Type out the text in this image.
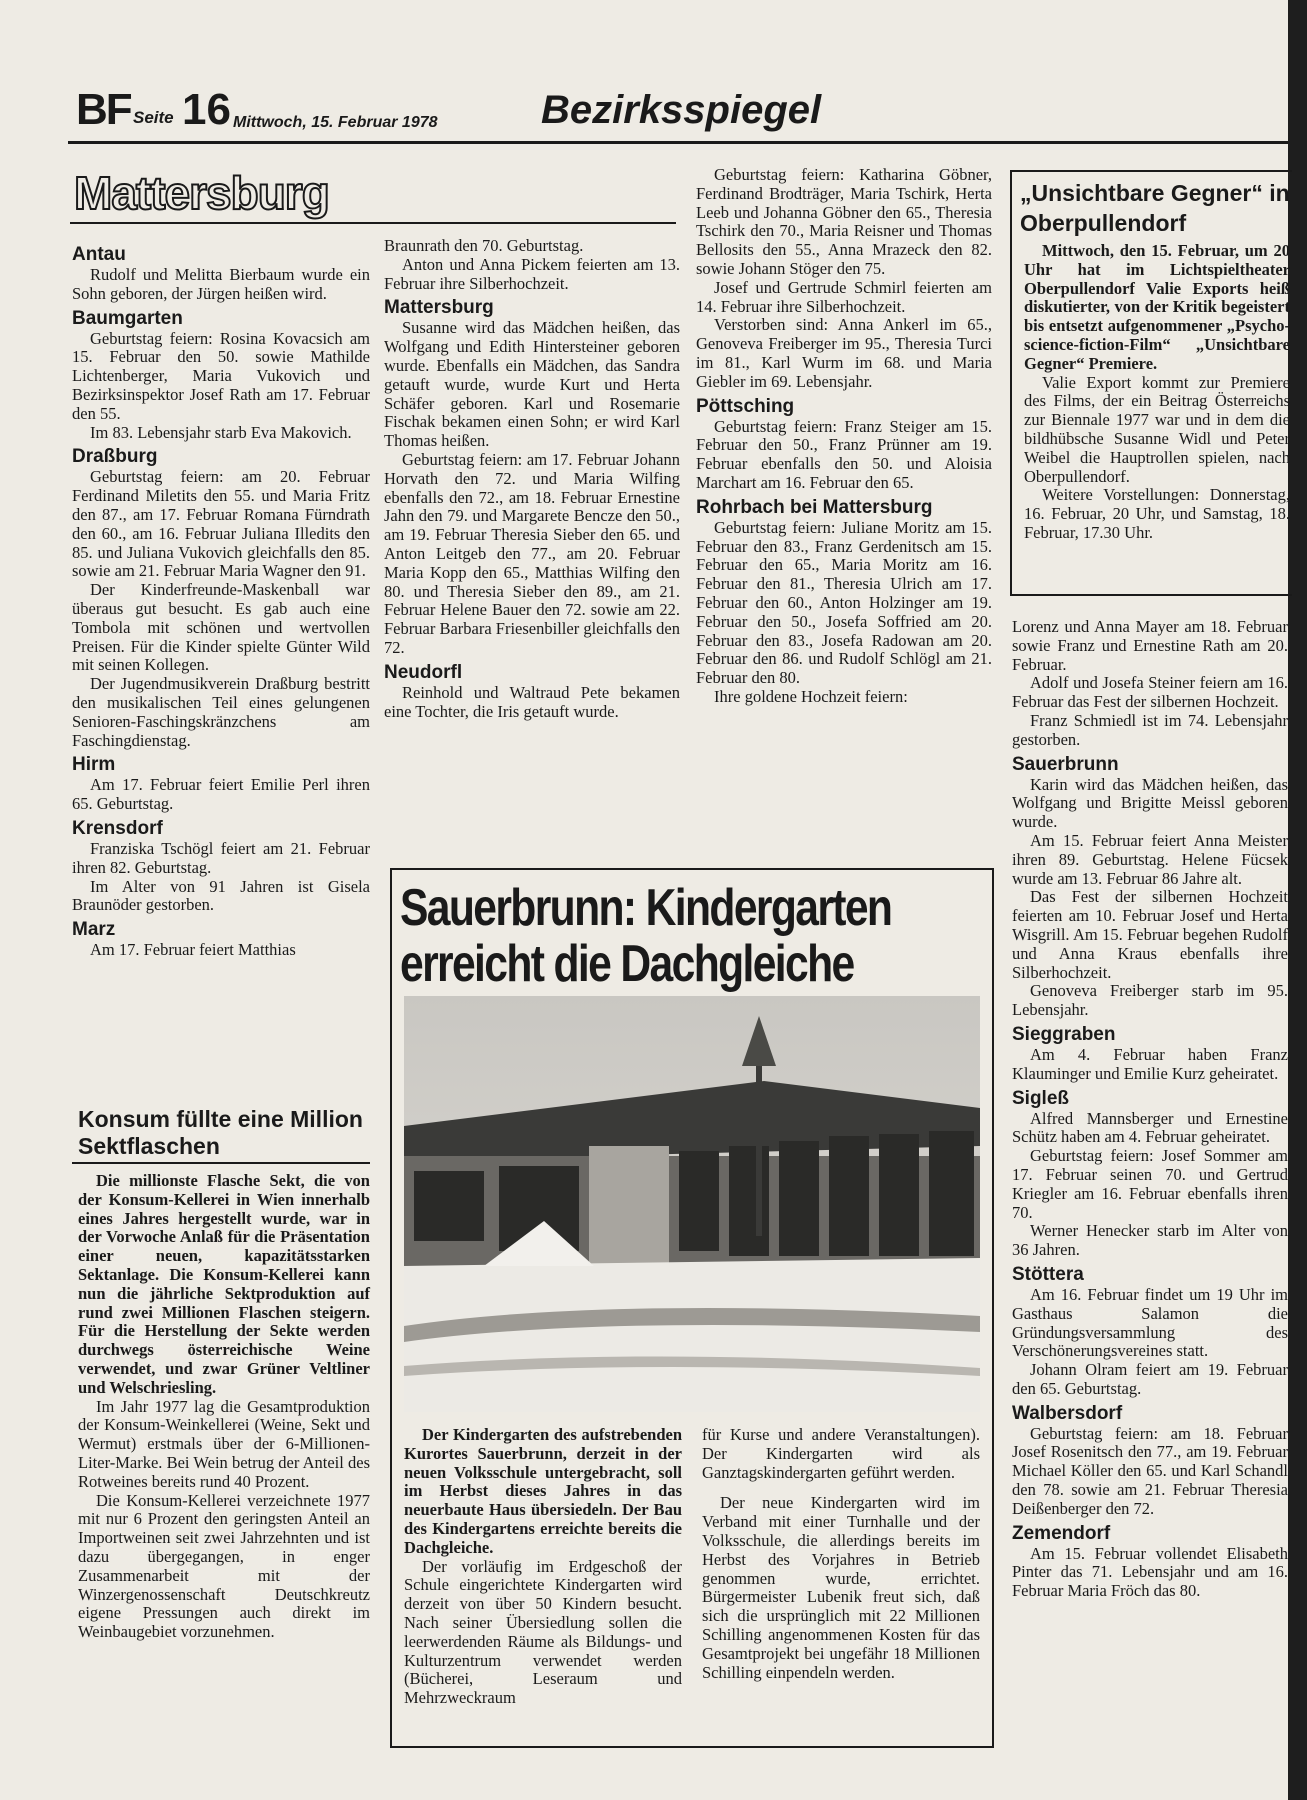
BF Seite 16 Mittwoch, 15. Februar 1978	Bezirksspiegel
Mattersburg
Antau

Rudolf und Melitta Bierbaum wurde ein Sohn geboren, der Jürgen heißen wird.

Baumgarten

Geburtstag feiern: Rosina Kovacsich am 15. Februar den 50. sowie Mathilde Lichtenberger, Maria Vukovich und Bezirksinspektor Josef Rath am 17. Februar den 55.

Im 83. Lebensjahr starb Eva Makovich.

Draßburg

Geburtstag feiern: am 20. Februar Ferdinand Miletits den 55. und Maria Fritz den 87., am 17. Februar Romana Fürndrath den 60., am 16. Februar Juliana Illedits den 85. und Juliana Vukovich gleichfalls den 85. sowie am 21. Februar Maria Wagner den 91.

Der Kinderfreunde-Maskenball war überaus gut besucht. Es gab auch eine Tombola mit schönen und wertvollen Preisen. Für die Kinder spielte Günter Wild mit seinen Kollegen.

Der Jugendmusikverein Draßburg bestritt den musikalischen Teil eines gelungenen Senioren-Faschingskränzchens am Faschingdienstag.

Hirm

Am 17. Februar feiert Emilie Perl ihren 65. Geburtstag.

Krensdorf

Franziska Tschögl feiert am 21. Februar ihren 82. Geburtstag.

Im Alter von 91 Jahren ist Gisela Braunöder gestorben.

Marz

Am 17. Februar feiert Matthias

Konsum füllte eine Million Sektflaschen

Die millionste Flasche Sekt, die von der Konsum-Kellerei in Wien innerhalb eines Jahres hergestellt wurde, war in der Vorwoche Anlaß für die Präsentation einer neuen, kapazitätsstarken Sektanlage. Die Konsum-Kellerei kann nun die jährliche Sektproduktion auf rund zwei Millionen Flaschen steigern. Für die Herstellung der Sekte werden durchwegs österreichische Weine verwendet, und zwar Grüner Veltliner und Welschriesling.

Im Jahr 1977 lag die Gesamtproduktion der Konsum-Weinkellerei (Weine, Sekt und Wermut) erstmals über der 6-Millionen-Liter-Marke. Bei Wein betrug der Anteil des Rotweines bereits rund 40 Prozent.

Die Konsum-Kellerei verzeichnete 1977 mit nur 6 Prozent den geringsten Anteil an Importweinen seit zwei Jahrzehnten und ist dazu übergegangen, in enger Zusammenarbeit mit der Winzergenossenschaft Deutschkreutz eigene Pressungen auch direkt im Weinbaugebiet vorzunehmen.

Braunrath den 70. Geburtstag.

Anton und Anna Pickem feierten am 13. Februar ihre Silberhochzeit.

Mattersburg

Susanne wird das Mädchen heißen, das Wolfgang und Edith Hintersteiner geboren wurde. Ebenfalls ein Mädchen, das Sandra getauft wurde, wurde Kurt und Herta Schäfer geboren. Karl und Rosemarie Fischak bekamen einen Sohn; er wird Karl Thomas heißen.

Geburtstag feiern: am 17. Februar Johann Horvath den 72. und Maria Wilfing ebenfalls den 72., am 18. Februar Ernestine Jahn den 79. und Margarete Bencze den 50., am 19. Februar Theresia Sieber den 65. und Anton Leitgeb den 77., am 20. Februar Maria Kopp den 65., Matthias Wilfing den 80. und Theresia Sieber den 89., am 21. Februar Helene Bauer den 72. sowie am 22. Februar Barbara Friesenbiller gleichfalls den 72.

Neudorfl

Reinhold und Waltraud Pete bekamen eine Tochter, die Iris getauft wurde.

Geburtstag feiern: Katharina Göbner, Ferdinand Brodträger, Maria Tschirk, Herta Leeb und Johanna Göbner den 65., Theresia Tschirk den 70., Maria Reisner und Thomas Bellosits den 55., Anna Mrazeck den 82. sowie Johann Stöger den 75.

Josef und Gertrude Schmirl feierten am 14. Februar ihre Silberhochzeit.

Verstorben sind: Anna Ankerl im 65., Genoveva Freiberger im 95., Theresia Turci im 81., Karl Wurm im 68. und Maria Giebler im 69. Lebensjahr.

Pöttsching

Geburtstag feiern: Franz Steiger am 15. Februar den 50., Franz Prünner am 19. Februar ebenfalls den 50. und Aloisia Marchart am 16. Februar den 65.

Rohrbach bei Mattersburg

Geburtstag feiern: Juliane Moritz am 15. Februar den 83., Franz Gerdenitsch am 15. Februar den 65., Maria Moritz am 16. Februar den 81., Theresia Ulrich am 17. Februar den 60., Anton Holzinger am 19. Februar den 50., Josefa Soffried am 20. Februar den 83., Josefa Radowan am 20. Februar den 86. und Rudolf Schlögl am 21. Februar den 80.

Ihre goldene Hochzeit feiern:

„Unsichtbare Gegner“ in Oberpullendorf

Mittwoch, den 15. Februar, um 20 Uhr hat im Lichtspieltheater Oberpullendorf Valie Exports heiß diskutierter, von der Kritik begeistert bis entsetzt aufgenommener „Psycho-science-fiction-Film“ „Unsichtbare Gegner“ Premiere.

Valie Export kommt zur Premiere des Films, der ein Beitrag Österreichs zur Biennale 1977 war und in dem die bildhübsche Susanne Widl und Peter Weibel die Hauptrollen spielen, nach Oberpullendorf.

Weitere Vorstellungen: Donnerstag, 16. Februar, 20 Uhr, und Samstag, 18. Februar, 17.30 Uhr.

Lorenz und Anna Mayer am 18. Februar sowie Franz und Ernestine Rath am 20. Februar.

Adolf und Josefa Steiner feiern am 16. Februar das Fest der silbernen Hochzeit.

Franz Schmiedl ist im 74. Lebensjahr gestorben.

Sauerbrunn

Karin wird das Mädchen heißen, das Wolfgang und Brigitte Meissl geboren wurde.

Am 15. Februar feiert Anna Meister ihren 89. Geburtstag. Helene Fücsek wurde am 13. Februar 86 Jahre alt.

Das Fest der silbernen Hochzeit feierten am 10. Februar Josef und Herta Wisgrill. Am 15. Februar begehen Rudolf und Anna Kraus ebenfalls ihre Silberhochzeit.

Genoveva Freiberger starb im 95. Lebensjahr.

Sieggraben

Am 4. Februar haben Franz Klauminger und Emilie Kurz geheiratet.

Sigleß

Alfred Mannsberger und Ernestine Schütz haben am 4. Februar geheiratet.

Geburtstag feiern: Josef Sommer am 17. Februar seinen 70. und Gertrud Kriegler am 16. Februar ebenfalls ihren 70.

Werner Henecker starb im Alter von 36 Jahren.

Stöttera

Am 16. Februar findet um 19 Uhr im Gasthaus Salamon die Gründungsversammlung des Verschönerungsvereines statt.

Johann Olram feiert am 19. Februar den 65. Geburtstag.

Walbersdorf

Geburtstag feiern: am 18. Februar Josef Rosenitsch den 77., am 19. Februar Michael Köller den 65. und Karl Schandl den 78. sowie am 21. Februar Theresia Deißenberger den 72.

Zemendorf

Am 15. Februar vollendet Elisabeth Pinter das 71. Lebensjahr und am 16. Februar Maria Fröch das 80.

Sauerbrunn: Kindergarten erreicht die Dachgleiche

Der Kindergarten des aufstrebenden Kurortes Sauerbrunn, derzeit in der neuen Volksschule untergebracht, soll im Herbst dieses Jahres in das neuerbaute Haus übersiedeln. Der Bau des Kindergartens erreichte bereits die Dachgleiche.

Der vorläufig im Erdgeschoß der Schule eingerichtete Kindergarten wird derzeit von über 50 Kindern besucht. Nach seiner Übersiedlung sollen die leerwerdenden Räume als Bildungs- und Kulturzentrum verwendet werden (Bücherei, Leseraum und Mehrzweckraum

für Kurse und andere Veranstaltungen). Der Kindergarten wird als Ganztagskindergarten geführt werden.

Der neue Kindergarten wird im Verband mit einer Turnhalle und der Volksschule, die allerdings bereits im Herbst des Vorjahres in Betrieb genommen wurde, errichtet. Bürgermeister Lubenik freut sich, daß sich die ursprünglich mit 22 Millionen Schilling angenommenen Kosten für das Gesamtprojekt bei ungefähr 18 Millionen Schilling einpendeln werden.
